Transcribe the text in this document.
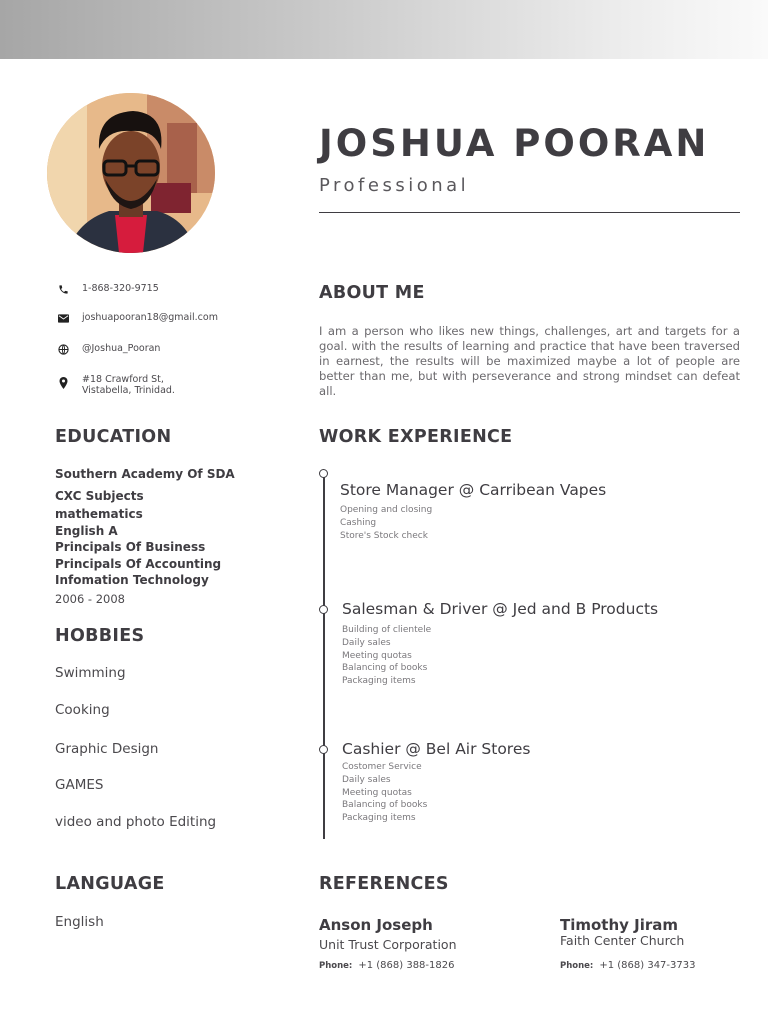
JOSHUA POORAN
Professional
1-868-320-9715
joshuapooran18@gmail.com
@Joshua_Pooran
#18 Crawford St,
Vistabella, Trinidad.
EDUCATION
Southern Academy Of SDA
CXC Subjects
mathematics
English A
Principals Of Business
Principals Of Accounting
Infomation Technology
2006 - 2008
HOBBIES
Swimming
Cooking
Graphic Design
GAMES
video and photo Editing
LANGUAGE
English
ABOUT ME
I am a person who likes new things, challenges, art and targets for a goal. with the results of learning and practice that have been traversed in earnest, the results will be maximized maybe a lot of people are better than me, but with perseverance and strong mindset can defeat all.
WORK EXPERIENCE
Store Manager @ Carribean Vapes
Opening and closing
Cashing
Store's Stock check
Salesman & Driver @ Jed and B Products
Building of clientele
Daily sales
Meeting quotas
Balancing of books
Packaging items
Cashier @ Bel Air Stores
Costomer Service
Daily sales
Meeting quotas
Balancing of books
Packaging items
REFERENCES
Anson Joseph
Unit Trust Corporation
Phone: +1 (868) 388-1826
Timothy Jiram
Faith Center Church
Phone: +1 (868) 347-3733
